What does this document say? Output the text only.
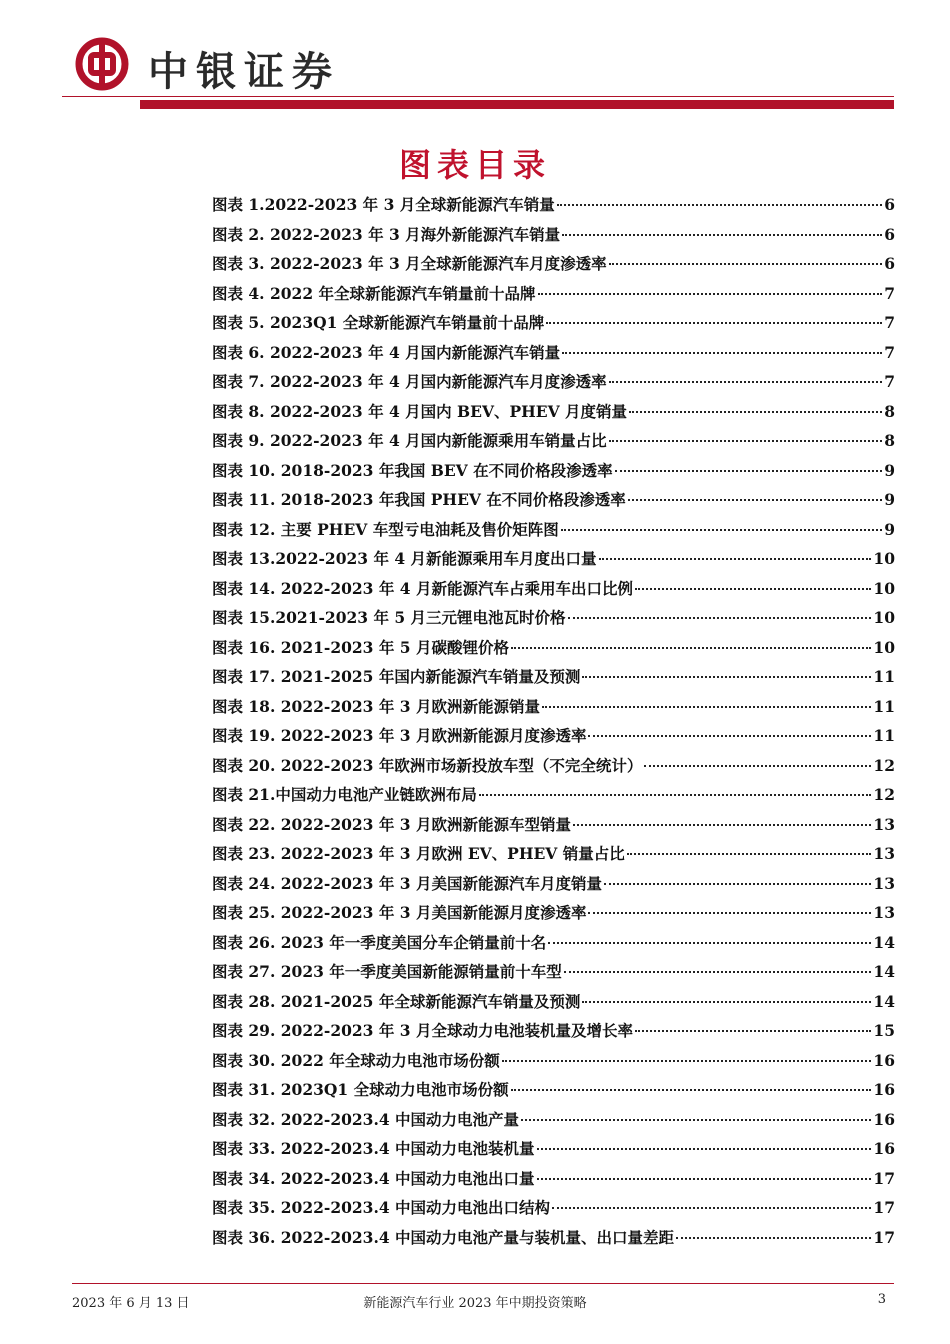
中银证券
图表目录
图表 1.2022-2023 年 3 月全球新能源汽车销量	6
图表 2. 2022-2023 年 3 月海外新能源汽车销量	6
图表 3. 2022-2023 年 3 月全球新能源汽车月度渗透率	6
图表 4. 2022 年全球新能源汽车销量前十品牌	7
图表 5. 2023Q1 全球新能源汽车销量前十品牌	7
图表 6. 2022-2023 年 4 月国内新能源汽车销量	7
图表 7. 2022-2023 年 4 月国内新能源汽车月度渗透率	7
图表 8. 2022-2023 年 4 月国内 BEV、PHEV 月度销量	8
图表 9. 2022-2023 年 4 月国内新能源乘用车销量占比	8
图表 10. 2018-2023 年我国 BEV 在不同价格段渗透率	9
图表 11. 2018-2023 年我国 PHEV 在不同价格段渗透率	9
图表 12. 主要 PHEV 车型亏电油耗及售价矩阵图	9
图表 13.2022-2023 年 4 月新能源乘用车月度出口量	10
图表 14. 2022-2023 年 4 月新能源汽车占乘用车出口比例	10
图表 15.2021-2023 年 5 月三元锂电池瓦时价格	10
图表 16. 2021-2023 年 5 月碳酸锂价格	10
图表 17. 2021-2025 年国内新能源汽车销量及预测	11
图表 18. 2022-2023 年 3 月欧洲新能源销量	11
图表 19. 2022-2023 年 3 月欧洲新能源月度渗透率	11
图表 20. 2022-2023 年欧洲市场新投放车型（不完全统计）	12
图表 21.中国动力电池产业链欧洲布局	12
图表 22. 2022-2023 年 3 月欧洲新能源车型销量	13
图表 23. 2022-2023 年 3 月欧洲 EV、PHEV 销量占比	13
图表 24. 2022-2023 年 3 月美国新能源汽车月度销量	13
图表 25. 2022-2023 年 3 月美国新能源月度渗透率	13
图表 26. 2023 年一季度美国分车企销量前十名	14
图表 27. 2023 年一季度美国新能源销量前十车型	14
图表 28. 2021-2025 年全球新能源汽车销量及预测	14
图表 29. 2022-2023 年 3 月全球动力电池装机量及增长率	15
图表 30. 2022 年全球动力电池市场份额	16
图表 31. 2023Q1 全球动力电池市场份额	16
图表 32. 2022-2023.4 中国动力电池产量	16
图表 33. 2022-2023.4 中国动力电池装机量	16
图表 34. 2022-2023.4 中国动力电池出口量	17
图表 35. 2022-2023.4 中国动力电池出口结构	17
图表 36. 2022-2023.4 中国动力电池产量与装机量、出口量差距	17
2023 年 6 月 13 日	新能源汽车行业 2023 年中期投资策略	3
